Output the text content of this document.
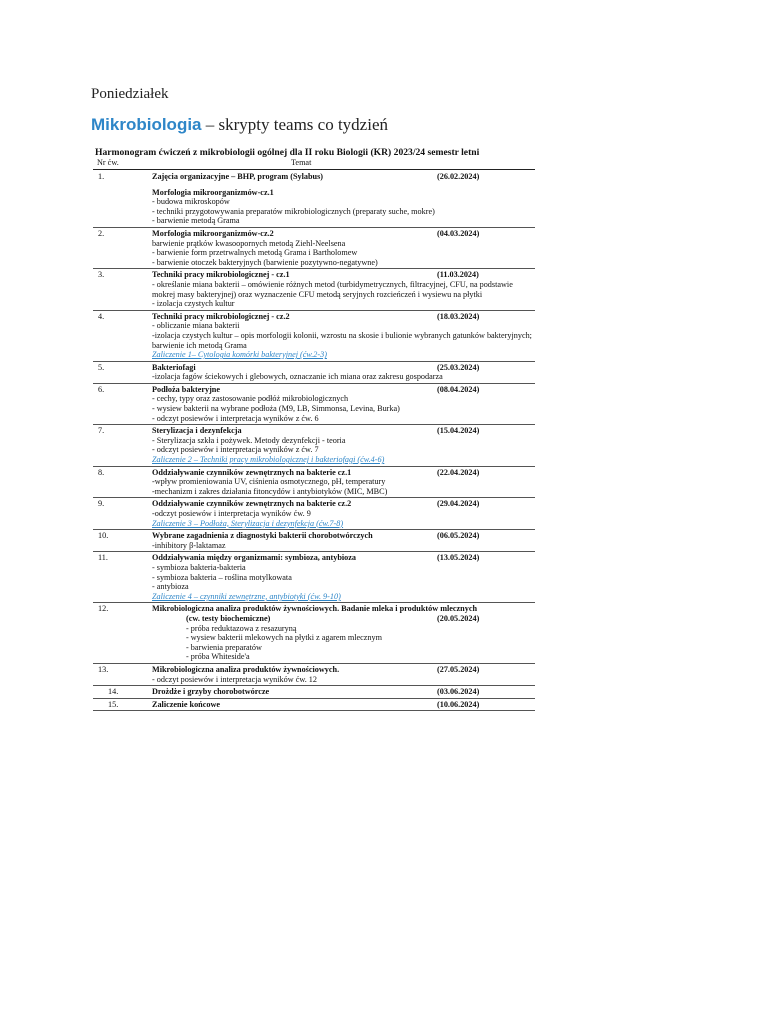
Poniedziałek
Mikrobiologia – skrypty teams co tydzień
Harmonogram ćwiczeń z mikrobiologii ogólnej dla II roku Biologii (KR) 2023/24 semestr letni
Nr ćw.	Temat
1.	Zajęcia organizacyjne – BHP, program (Sylabus)	(26.02.2024)
Morfologia mikroorganizmów-cz.1
- budowa mikroskopów
- techniki przygotowywania preparatów mikrobiologicznych (preparaty suche, mokre)
- barwienie metodą Grama
2.	Morfologia mikroorganizmów-cz.2	(04.03.2024)
barwienie prątków kwasoopornych metodą Ziehl-Neelsena
- barwienie form przetrwalnych metodą Grama i Bartholomew
- barwienie otoczek bakteryjnych (barwienie pozytywno-negatywne)
3.	Techniki pracy mikrobiologicznej - cz.1	(11.03.2024)
- określanie miana bakterii – omówienie różnych metod (turbidymetrycznych, filtracyjnej, CFU, na podstawie mokrej masy bakteryjnej) oraz wyznaczenie CFU metodą seryjnych rozcieńczeń i wysiewu na płytki
- izolacja czystych kultur
4.	Techniki pracy mikrobiologicznej - cz.2	(18.03.2024)
- obliczanie miana bakterii
-izolacja czystych kultur – opis morfologii kolonii, wzrostu na skosie i bulionie wybranych gatunków bakteryjnych; barwienie ich metodą Grama
Zaliczenie 1– Cytologia komórki bakteryjnej (ćw.2-3)
5.	Bakteriofagi	(25.03.2024)
-izolacja fagów ściekowych i glebowych, oznaczanie ich miana oraz zakresu gospodarza
6.	Podłoża bakteryjne	(08.04.2024)
- cechy, typy oraz zastosowanie podłóż mikrobiologicznych
- wysiew bakterii na wybrane podłoża (M9, LB, Simmonsa, Levina, Burka)
- odczyt posiewów i interpretacja wyników z ćw. 6
7.	Sterylizacja i dezynfekcja	(15.04.2024)
- Sterylizacja szkła i pożywek. Metody dezynfekcji - teoria
- odczyt posiewów i interpretacja wyników z ćw. 7
Zaliczenie 2 – Techniki pracy mikrobiologicznej i bakteriofagi (ćw.4-6)
8.	Oddziaływanie czynników zewnętrznych na bakterie cz.1	(22.04.2024)
-wpływ promieniowania UV, ciśnienia osmotycznego, pH, temperatury
-mechanizm i zakres działania fitoncydów i antybiotyków (MIC, MBC)
9.	Oddziaływanie czynników zewnętrznych na bakterie cz.2	(29.04.2024)
-odczyt posiewów i interpretacja wyników ćw. 9
Zaliczenie 3 – Podłoża, Sterylizacja i dezynfekcja (ćw.7-8)
10.	Wybrane zagadnienia z diagnostyki bakterii chorobotwórczych	(06.05.2024)
-inhibitory β-laktamaz
11.	Oddziaływania między organizmami: symbioza, antybioza	(13.05.2024)
- symbioza bakteria-bakteria
- symbioza bakteria – roślina motylkowata
- antybioza
Zaliczenie 4 – czynniki zewnętrzne, antybiotyki (ćw. 9-10)
12.	Mikrobiologiczna analiza produktów żywnościowych. Badanie mleka i produktów mlecznych
(cw. testy biochemiczne)	(20.05.2024)
- próba reduktazowa z resazuryną
- wysiew bakterii mlekowych na płytki z agarem mlecznym
- barwienia preparatów
- próba Whiteside'a
13.	Mikrobiologiczna analiza produktów żywnościowych.	(27.05.2024)
- odczyt posiewów i interpretacja wyników ćw. 12
14.	Drożdże i grzyby chorobotwórcze	(03.06.2024)
15.	Zaliczenie końcowe	(10.06.2024)
